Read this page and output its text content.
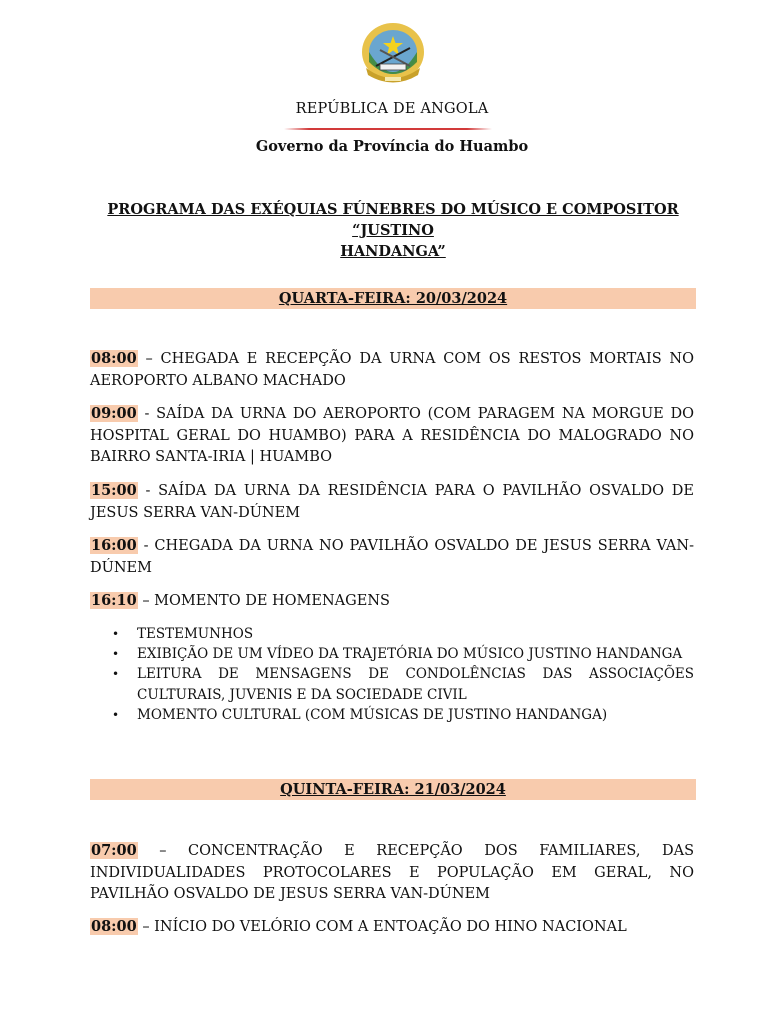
REPÚBLICA DE ANGOLA
Governo da Província do Huambo
PROGRAMA DAS EXÉQUIAS FÚNEBRES DO MÚSICO E COMPOSITOR “JUSTINO
HANDANGA”
QUARTA-FEIRA: 20/03/2024
08:00 – CHEGADA E RECEPÇÃO DA URNA COM OS RESTOS MORTAIS NO AEROPORTO ALBANO MACHADO
09:00 - SAÍDA DA URNA DO AEROPORTO (COM PARAGEM NA MORGUE DO HOSPITAL GERAL DO HUAMBO) PARA A RESIDÊNCIA DO MALOGRADO NO BAIRRO SANTA-IRIA | HUAMBO
15:00 - SAÍDA DA URNA DA RESIDÊNCIA PARA O PAVILHÃO OSVALDO DE JESUS SERRA VAN-DÚNEM
16:00 - CHEGADA DA URNA NO PAVILHÃO OSVALDO DE JESUS SERRA VAN-DÚNEM
16:10 – MOMENTO DE HOMENAGENS
• TESTEMUNHOS
• EXIBIÇÃO DE UM VÍDEO DA TRAJETÓRIA DO MÚSICO JUSTINO HANDANGA
• LEITURA DE MENSAGENS DE CONDOLÊNCIAS DAS ASSOCIAÇÕES CULTURAIS, JUVENIS E DA SOCIEDADE CIVIL
• MOMENTO CULTURAL (COM MÚSICAS DE JUSTINO HANDANGA)
QUINTA-FEIRA: 21/03/2024
07:00 – CONCENTRAÇÃO E RECEPÇÃO DOS FAMILIARES, DAS INDIVIDUALIDADES PROTOCOLARES E POPULAÇÃO EM GERAL, NO PAVILHÃO OSVALDO DE JESUS SERRA VAN-DÚNEM
08:00 – INÍCIO DO VELÓRIO COM A ENTOAÇÃO DO HINO NACIONAL
